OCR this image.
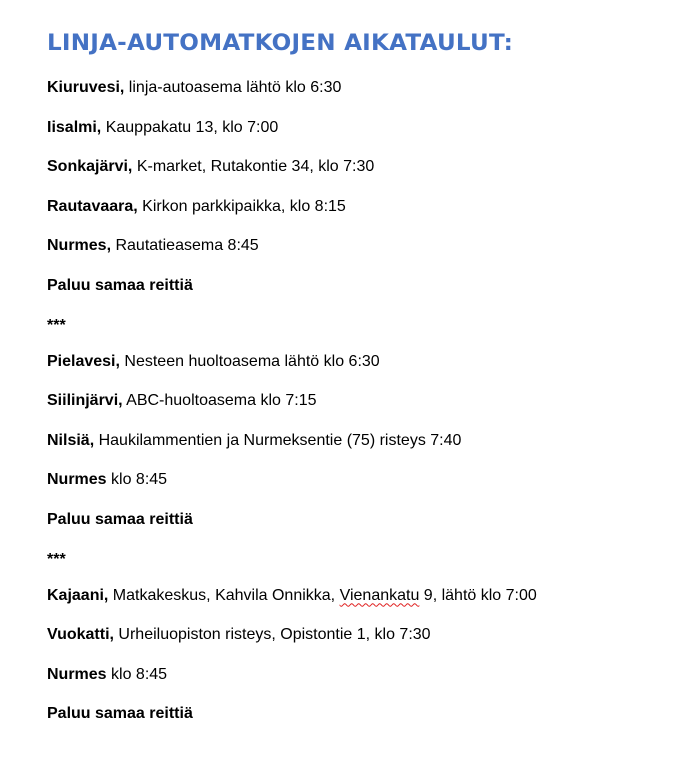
LINJA-AUTOMATKOJEN AIKATAULUT:
Kiuruvesi, linja-autoasema lähtö klo 6:30
Iisalmi, Kauppakatu 13, klo 7:00
Sonkajärvi, K-market, Rutakontie 34, klo 7:30
Rautavaara, Kirkon parkkipaikka, klo 8:15
Nurmes, Rautatieasema 8:45
Paluu samaa reittiä
***
Pielavesi, Nesteen huoltoasema lähtö klo 6:30
Siilinjärvi, ABC-huoltoasema klo 7:15
Nilsiä, Haukilammentien ja Nurmeksentie (75) risteys 7:40
Nurmes klo 8:45
Paluu samaa reittiä
***
Kajaani, Matkakeskus, Kahvila Onnikka, Vienankatu 9, lähtö klo 7:00
Vuokatti, Urheiluopiston risteys, Opistontie 1, klo 7:30
Nurmes klo 8:45
Paluu samaa reittiä
